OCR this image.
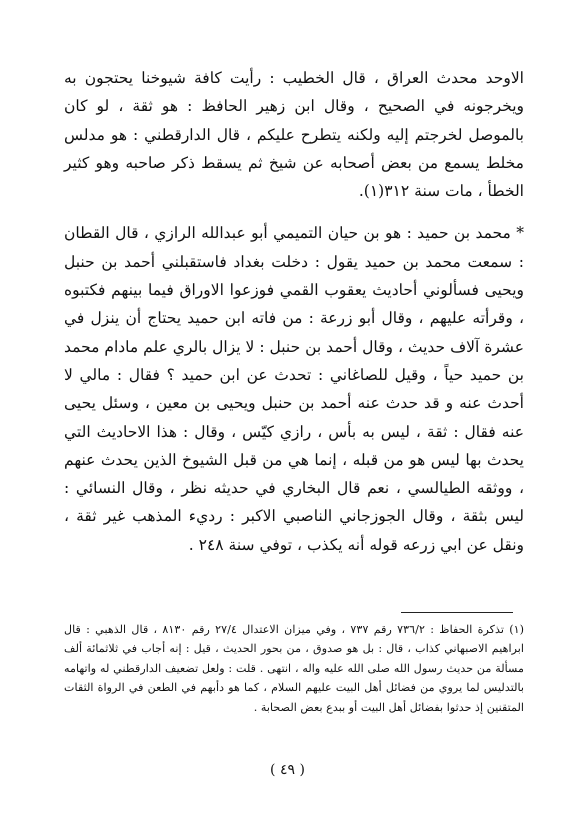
الاوحد محدث العراق ، قال الخطيب : رأيت كافة شيوخنا يحتجون به ويخرجونه في الصحيح ، وقال ابن زهير الحافظ : هو ثقة ، لو كان بالموصل لخرجتم إليه ولكنه يتطرح عليكم ، قال الدارقطني : هو مدلس مخلط يسمع من بعض أصحابه عن شيخ ثم يسقط ذكر صاحبه وهو كثير الخطأ ، مات سنة ٣١٢(١).

* محمد بن حميد : هو بن حيان التميمي أبو عبدالله الرازي ، قال القطان : سمعت محمد بن حميد يقول : دخلت بغداد فاستقبلني أحمد بن حنبل ويحيى فسألوني أحاديث يعقوب القمي فوزعوا الاوراق فيما بينهم فكتبوه ، وقرأته عليهم ، وقال أبو زرعة : من فاته ابن حميد يحتاج أن ينزل في عشرة آلاف حديث ، وقال أحمد بن حنبل : لا يزال بالري علم مادام محمد بن حميد حياً ، وقيل للصاغاني : تحدث عن ابن حميد ؟ فقال : مالي لا أحدث عنه و قد حدث عنه أحمد بن حنبل ويحيى بن معين ، وسئل يحيى عنه فقال : ثقة ، ليس به بأس ، رازي كيّس ، وقال : هذا الاحاديث التي يحدث بها ليس هو من قبله ، إنما هي من قبل الشيوخ الذين يحدث عنهم ، ووثقه الطيالسي ، نعم قال البخاري في حديثه نظر ، وقال النسائي : ليس بثقة ، وقال الجوزجاني الناصبي الاكبر : رديء المذهب غير ثقة ، ونقل عن ابي زرعه قوله أنه يكذب ، توفي سنة ٢٤٨ .

(١) تذكرة الحفاظ : ٧٣٦/٢ رقم ٧٣٧ ، وفي ميزان الاعتدال ٢٧/٤ رقم ٨١٣٠ ، قال الذهبي : قال ابراهيم الاصبهاني كذاب ، قال : بل هو صدوق ، من بحور الحديث ، قيل : إنه أجاب في ثلاثمائة ألف مسألة من حديث رسول الله صلى الله عليه واله ، انتهى . قلت : ولعل تضعيف الدارقطني له واتهامه بالتدليس لما يروي من فضائل أهل البيت عليهم السلام ، كما هو دأبهم في الطعن في الرواة الثقات المتقنين إذ حدثوا بفضائل أهل البيت أو ببدع بعض الصحابة .

( ٤٩ )
